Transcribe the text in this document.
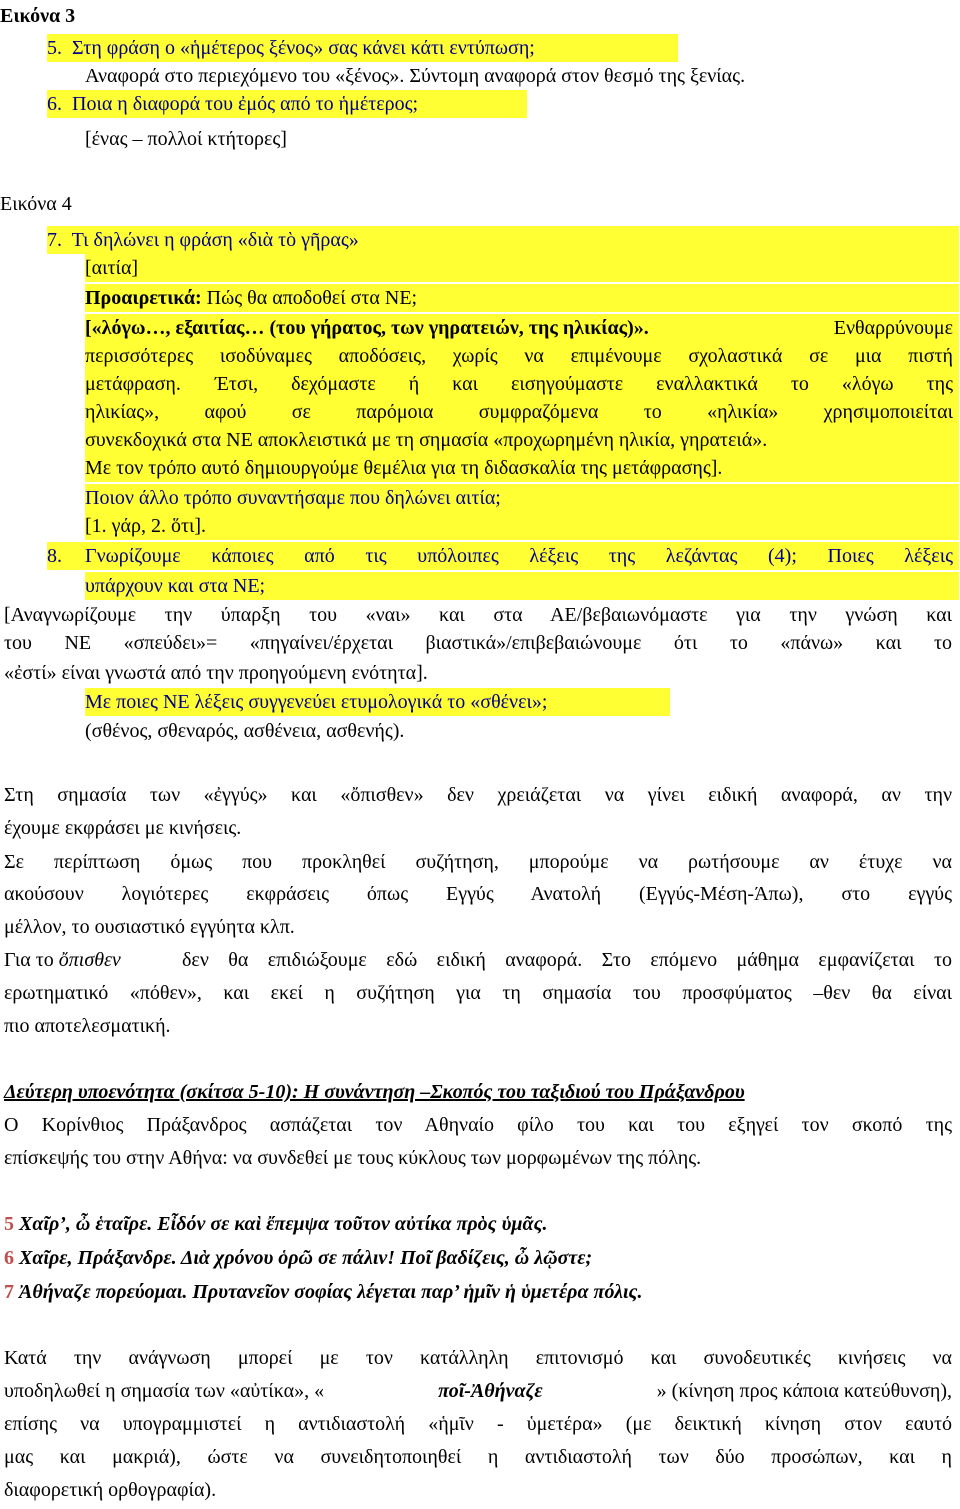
Εικόνα 3
5. Στη φράση ο «ἡμέτερος ξένος» σας κάνει κάτι εντύπωση;
Αναφορά στο περιεχόμενο του «ξένος». Σύντομη αναφορά στον θεσμό της ξενίας.
6. Ποια η διαφορά του ἐμός από το ἡμέτερος;
[ένας – πολλοί κτήτορες]
Εικόνα 4
7. Τι δηλώνει η φράση «διὰ τὸ γῆρας»
[αιτία]
Προαιρετικά: Πώς θα αποδοθεί στα ΝΕ;
[«λόγω…, εξαιτίας… (του γήρατος, των γηρατειών, της ηλικίας)».	Ενθαρρύνουμε
περισσότερες ισοδύναμες αποδόσεις, χωρίς να επιμένουμε σχολαστικά σε μια πιστή
μετάφραση. Έτσι, δεχόμαστε ή και εισηγούμαστε εναλλακτικά το «λόγω της
ηλικίας», αφού σε παρόμοια συμφραζόμενα το «ηλικία» χρησιμοποιείται
συνεκδοχικά στα ΝΕ αποκλειστικά με τη σημασία «προχωρημένη ηλικία, γηρατειά».
Με τον τρόπο αυτό δημιουργούμε θεμέλια για τη διδασκαλία της μετάφρασης].
Ποιον άλλο τρόπο συναντήσαμε που δηλώνει αιτία;
[1. γάρ, 2. ὅτι].
8. Γνωρίζουμε κάποιες από τις υπόλοιπες λέξεις της λεζάντας (4); Ποιες λέξεις
υπάρχουν και στα ΝΕ;
[Αναγνωρίζουμε την ύπαρξη του «ναι» και στα ΑΕ/βεβαιωνόμαστε για την γνώση και
του ΝΕ «σπεύδει»= «πηγαίνει/έρχεται βιαστικά»/επιβεβαιώνουμε ότι το «πάνω» και το
«ἐστί» είναι γνωστά από την προηγούμενη ενότητα].
Με ποιες ΝΕ λέξεις συγγενεύει ετυμολογικά το «σθένει»;
(σθένος, σθεναρός, ασθένεια, ασθενής).
Στη σημασία των «ἐγγύς» και «ὄπισθεν» δεν χρειάζεται να γίνει ειδική αναφορά, αν την
έχουμε εκφράσει με κινήσεις.
Σε περίπτωση όμως που προκληθεί συζήτηση, μπορούμε να ρωτήσουμε αν έτυχε να
ακούσουν λογιότερες εκφράσεις όπως Εγγύς Ανατολή (Εγγύς-Μέση-Άπω), στο εγγύς
μέλλον, το ουσιαστικό εγγύητα κλπ.
Για το ὄπισθεν	δεν θα επιδιώξουμε εδώ ειδική αναφορά. Στο επόμενο μάθημα εμφανίζεται το
ερωτηματικό «πόθεν», και εκεί η συζήτηση για τη σημασία του προσφύματος –θεν θα είναι
πιο αποτελεσματική.
Δεύτερη υποενότητα (σκίτσα 5-10): Η συνάντηση –Σκοπός του ταξιδιού του Πράξανδρου
Ο Κορίνθιος Πράξανδρος ασπάζεται τον Αθηναίο φίλο του και του εξηγεί τον σκοπό της
επίσκεψής του στην Αθήνα: να συνδεθεί με τους κύκλους των μορφωμένων της πόλης.
5 Χαῖρ’, ὦ ἑταῖρε. Εἶδόν σε καὶ ἔπεμψα τοῦτον αὐτίκα πρὸς ὑμᾶς.
6 Χαῖρε, Πράξανδρε. Διὰ χρόνου ὁρῶ σε πάλιν! Ποῖ βαδίζεις, ὦ λῷστε;
7 Ἀθήναζε πορεύομαι. Πρυτανεῖον σοφίας λέγεται παρ’ ἡμῖν ἡ ὑμετέρα πόλις.
Κατά την ανάγνωση μπορεί με τον κατάλληλη επιτονισμό και συνοδευτικές κινήσεις να
υποδηλωθεί η σημασία των «αὐτίκα», «	ποῖ-Ἀθήναζε	» (κίνηση προς κάποια κατεύθυνση),
επίσης να υπογραμμιστεί η αντιδιαστολή «ἡμῖν - ὑμετέρα» (με δεικτική κίνηση στον εαυτό
μας και μακριά), ώστε να συνειδητοποιηθεί η αντιδιαστολή των δύο προσώπων, και η
διαφορετική ορθογραφία).
